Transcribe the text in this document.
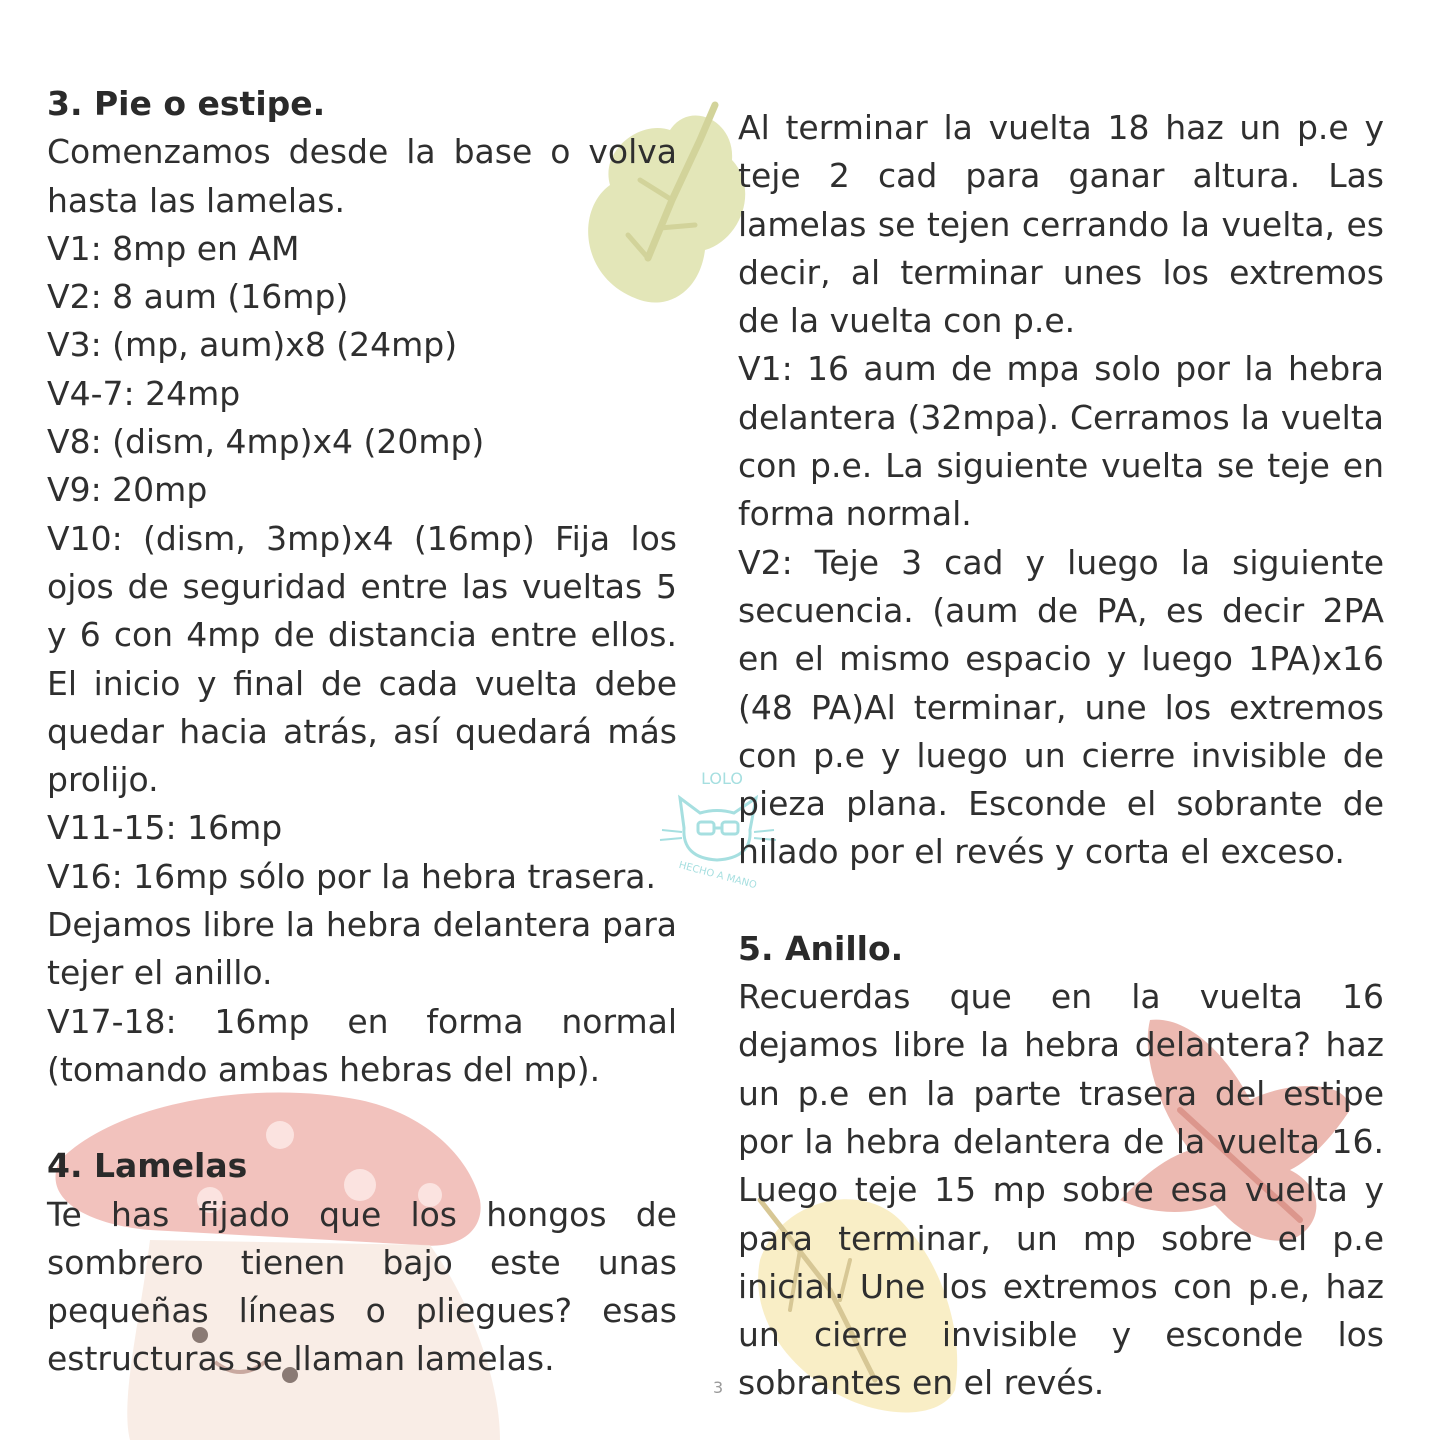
LOLO
HECHO A MANO
3. Pie o estipe.

Comenzamos desde la base o volva hasta las lamelas.

V1: 8mp en AM

V2: 8 aum (16mp)

V3: (mp, aum)x8 (24mp)

V4-7: 24mp

V8: (dism, 4mp)x4 (20mp)

V9: 20mp

V10: (dism, 3mp)x4 (16mp) Fija los ojos de seguridad entre las vueltas 5 y 6 con 4mp de distancia entre ellos. El inicio y final de cada vuelta debe quedar hacia atrás, así quedará más prolijo.

V11-15: 16mp

V16: 16mp sólo por la hebra trasera.

Dejamos libre la hebra delantera para tejer el anillo.

V17-18: 16mp en forma normal (tomando ambas hebras del mp).

4. Lamelas

Te has fijado que los hongos de sombrero tienen bajo este unas pequeñas líneas o pliegues? esas estructuras se llaman lamelas.

Al terminar la vuelta 18 haz un p.e y teje 2 cad para ganar altura. Las lamelas se tejen cerrando la vuelta, es decir, al terminar unes los extremos de la vuelta con p.e.

V1: 16 aum de mpa solo por la hebra delantera (32mpa). Cerramos la vuelta con p.e. La siguiente vuelta se teje en forma normal.

V2: Teje 3 cad y luego la siguiente secuencia. (aum de PA, es decir 2PA en el mismo espacio y luego 1PA)x16 (48 PA)Al terminar, une los extremos con p.e y luego un cierre invisible de pieza plana. Esconde el sobrante de hilado por el revés y corta el exceso.

5. Anillo.

Recuerdas que en la vuelta 16 dejamos libre la hebra delantera? haz un p.e en la parte trasera del estipe por la hebra delantera de la vuelta 16. Luego teje 15 mp sobre esa vuelta y para terminar, un mp sobre el p.e inicial. Une los extremos con p.e, haz un cierre invisible y esconde los sobrantes en el revés.

3
